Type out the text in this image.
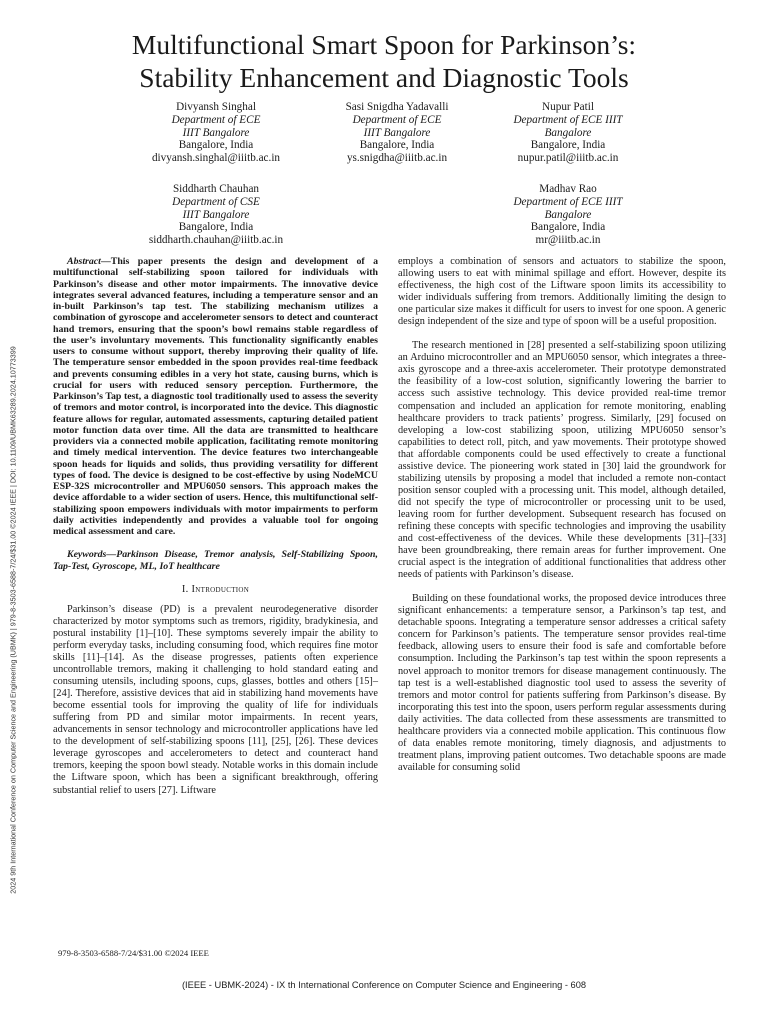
2024 9th International Conference on Computer Science and Engineering (UBMK) | 979-8-3503-6588-7/24/$31.00 ©2024 IEEE | DOI: 10.1109/UBMK63289.2024.10773399
Multifunctional Smart Spoon for Parkinson’s:
Stability Enhancement and Diagnostic Tools
Divyansh Singhal
Department of ECE
IIIT Bangalore
Bangalore, India
divyansh.singhal@iiitb.ac.in
Sasi Snigdha Yadavalli
Department of ECE
IIIT Bangalore
Bangalore, India
ys.snigdha@iiitb.ac.in
Nupur Patil
Department of ECE IIIT
Bangalore
Bangalore, India
nupur.patil@iiitb.ac.in
Siddharth Chauhan
Department of CSE
IIIT Bangalore
Bangalore, India
siddharth.chauhan@iiitb.ac.in
Madhav Rao
Department of ECE IIIT
Bangalore
Bangalore, India
mr@iiitb.ac.in

Abstract—This paper presents the design and development of a multifunctional self-stabilizing spoon tailored for individuals with Parkinson’s disease and other motor impairments. The innovative device integrates several advanced features, including a temperature sensor and an in-built Parkinson’s tap test. The stabilizing mechanism utilizes a combination of gyroscope and accelerometer sensors to detect and counteract hand tremors, ensuring that the spoon’s bowl remains stable regardless of the user’s involuntary movements. This functionality significantly enables users to consume without support, thereby improving their quality of life. The temperature sensor embedded in the spoon provides real-time feedback and prevents consuming edibles in a very hot state, causing burns, which is crucial for users with reduced sensory perception. Furthermore, the Parkinson’s Tap test, a diagnostic tool traditionally used to assess the severity of tremors and motor control, is incorporated into the device. This diagnostic feature allows for regular, automated assessments, capturing detailed patient motor function data over time. All the data are transmitted to healthcare providers via a connected mobile application, facilitating remote monitoring and timely medical intervention. The device features two interchangeable spoon heads for liquids and solids, thus providing versatility for different types of food. The device is designed to be cost-effective by using NodeMCU ESP-32S microcontroller and MPU6050 sensors. This approach makes the device affordable to a wider section of users. Hence, this multifunctional self-stabilizing spoon empowers individuals with motor impairments to perform daily activities independently and provides a valuable tool for ongoing medical assessment and care.

Keywords—Parkinson Disease, Tremor analysis, Self-Stabilizing Spoon, Tap-Test, Gyroscope, ML, IoT healthcare

I. Introduction

Parkinson’s disease (PD) is a prevalent neurodegenerative disorder characterized by motor symptoms such as tremors, rigidity, bradykinesia, and postural instability [1]–[10]. These symptoms severely impair the ability to perform everyday tasks, including consuming food, which requires fine motor skills [11]–[14]. As the disease progresses, patients often experience uncontrollable tremors, making it challenging to hold standard eating and consuming utensils, including spoons, cups, glasses, bottles and others [15]–[24]. Therefore, assistive devices that aid in stabilizing hand movements have become essential tools for improving the quality of life for individuals suffering from PD and similar motor impairments. In recent years, advancements in sensor technology and microcontroller applications have led to the development of self-stabilizing spoons [11], [25], [26]. These devices leverage gyroscopes and accelerometers to detect and counteract hand tremors, keeping the spoon bowl steady. Notable works in this domain include the Liftware spoon, which has been a significant breakthrough, offering substantial relief to users [27]. Liftware

employs a combination of sensors and actuators to stabilize the spoon, allowing users to eat with minimal spillage and effort. However, despite its effectiveness, the high cost of the Liftware spoon limits its accessibility to wider individuals suffering from tremors. Additionally limiting the design to one particular size makes it difficult for users to invest for one spoon. A generic design independent of the size and type of spoon will be a useful proposition.

The research mentioned in [28] presented a self-stabilizing spoon utilizing an Arduino microcontroller and an MPU6050 sensor, which integrates a three-axis gyroscope and a three-axis accelerometer. Their prototype demonstrated the feasibility of a low-cost solution, significantly lowering the barrier to access such assistive technology. This device provided real-time tremor compensation and included an application for remote monitoring, enabling healthcare providers to track patients’ progress. Similarly, [29] focused on developing a low-cost stabilizing spoon, utilizing MPU6050 sensor’s capabilities to detect roll, pitch, and yaw movements. Their prototype showed that affordable components could be used effectively to create a functional assistive device. The pioneering work stated in [30] laid the groundwork for stabilizing utensils by proposing a model that included a remote non-contact position sensor coupled with a processing unit. This model, although detailed, did not specify the type of microcontroller or processing unit to be used, leaving room for further development. Subsequent research has focused on refining these concepts with specific technologies and improving the usability and cost-effectiveness of the devices. While these developments [31]–[33] have been groundbreaking, there remain areas for further improvement. One crucial aspect is the integration of additional functionalities that address other needs of patients with Parkinson’s disease.

Building on these foundational works, the proposed device introduces three significant enhancements: a temperature sensor, a Parkinson’s tap test, and detachable spoons. Integrating a temperature sensor addresses a critical safety concern for Parkinson’s patients. The temperature sensor provides real-time feedback, allowing users to ensure their food is safe and comfortable before consumption. Including the Parkinson’s tap test within the spoon represents a novel approach to monitor tremors for disease management continuously. The tap test is a well-established diagnostic tool used to assess the severity of tremors and motor control for patients suffering from Parkinson’s disease. By incorporating this test into the spoon, users perform regular assessments during daily activities. The data collected from these assessments are transmitted to healthcare providers via a connected mobile application. This continuous flow of data enables remote monitoring, timely diagnosis, and adjustments to treatment plans, improving patient outcomes. Two detachable spoons are made available for consuming solid

979-8-3503-6588-7/24/$31.00 ©2024 IEEE
(IEEE - UBMK-2024) - IX th International Conference on Computer Science and Engineering - 608
